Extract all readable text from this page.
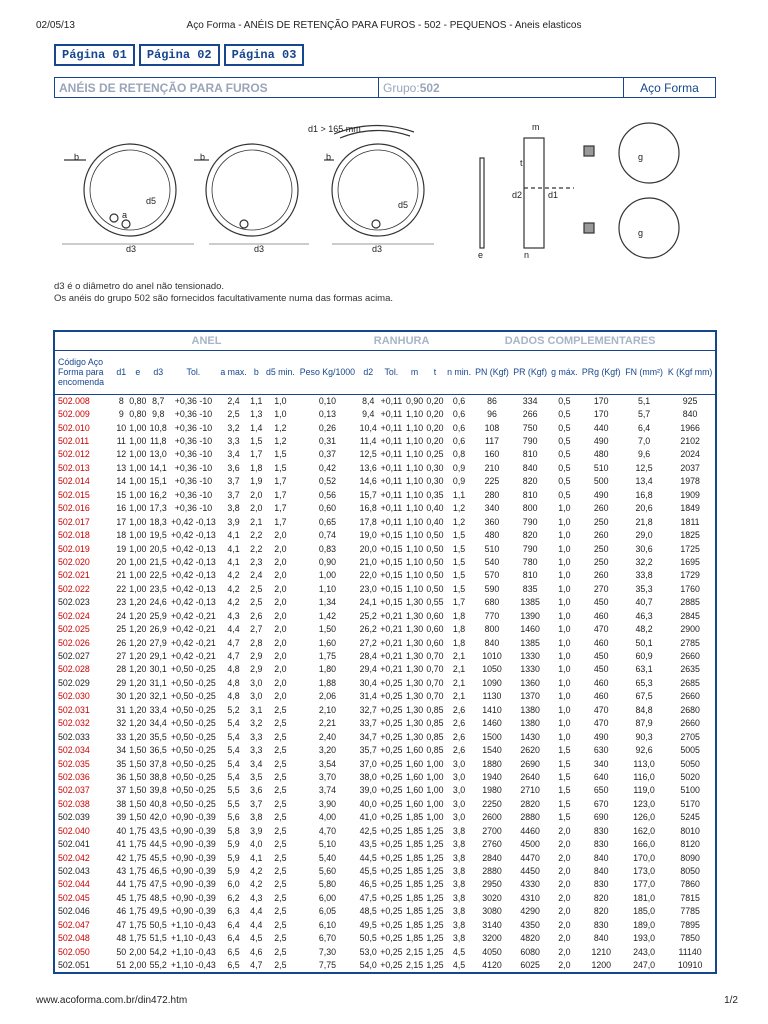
02/05/13	Aço Forma - ANÉIS DE RETENÇÃO PARA FUROS - 502 - PEQUENOS - Aneis elasticos
Página 01	Página 02	Página 03
ANÉIS DE RETENÇÃO PARA FUROS	Grupo: 502	Aço Forma
d1 > 165 mm
b	b	b
d3	d3	d3
d5	d5
a
m
t
d2	d1
e	n
g
g
d3 é o diâmetro do anel não tensionado.
Os anéis do grupo 502 são fornecidos facultativamente numa das formas acima.
ANEL									RANHURA				DADOS COMPLEMENTARES						
Código Aço Forma para encomenda	d1	e	d3	Tol.	a max.	b	d5 min.	Peso Kg/1000	d2	Tol.	m	t	n min.	PN (Kgf)	PR (Kgf)	g máx.	PRg (Kgf)	FN (mm²)	K (Kgf mm)
502.008	8	0,80	8,7	+0,36 -10	2,4	1,1	1,0	0,10	8,4	+0,11	0,90	0,20	0,6	86	334	0,5	170	5,1	925
502.009	9	0,80	9,8	+0,36 -10	2,5	1,3	1,0	0,13	9,4	+0,11	1,10	0,20	0,6	96	266	0,5	170	5,7	840
502.010	10	1,00	10,8	+0,36 -10	3,2	1,4	1,2	0,26	10,4	+0,11	1,10	0,20	0,6	108	750	0,5	440	6,4	1966
502.011	11	1,00	11,8	+0,36 -10	3,3	1,5	1,2	0,31	11,4	+0,11	1,10	0,20	0,6	117	790	0,5	490	7,0	2102
502.012	12	1,00	13,0	+0,36 -10	3,4	1,7	1,5	0,37	12,5	+0,11	1,10	0,25	0,8	160	810	0,5	480	9,6	2024
502.013	13	1,00	14,1	+0,36 -10	3,6	1,8	1,5	0,42	13,6	+0,11	1,10	0,30	0,9	210	840	0,5	510	12,5	2037
502.014	14	1,00	15,1	+0,36 -10	3,7	1,9	1,7	0,52	14,6	+0,11	1,10	0,30	0,9	225	820	0,5	500	13,4	1978
502.015	15	1,00	16,2	+0,36 -10	3,7	2,0	1,7	0,56	15,7	+0,11	1,10	0,35	1,1	280	810	0,5	490	16,8	1909
502.016	16	1,00	17,3	+0,36 -10	3,8	2,0	1,7	0,60	16,8	+0,11	1,10	0,40	1,2	340	800	1,0	260	20,6	1849
502.017	17	1,00	18,3	+0,42 -0,13	3,9	2,1	1,7	0,65	17,8	+0,11	1,10	0,40	1,2	360	790	1,0	250	21,8	1811
502.018	18	1,00	19,5	+0,42 -0,13	4,1	2,2	2,0	0,74	19,0	+0,15	1,10	0,50	1,5	480	820	1,0	260	29,0	1825
502.019	19	1,00	20,5	+0,42 -0,13	4,1	2,2	2,0	0,83	20,0	+0,15	1,10	0,50	1,5	510	790	1,0	250	30,6	1725
502.020	20	1,00	21,5	+0,42 -0,13	4,1	2,3	2,0	0,90	21,0	+0,15	1,10	0,50	1,5	540	780	1,0	250	32,2	1695
502.021	21	1,00	22,5	+0,42 -0,13	4,2	2,4	2,0	1,00	22,0	+0,15	1,10	0,50	1,5	570	810	1,0	260	33,8	1729
502.022	22	1,00	23,5	+0,42 -0,13	4,2	2,5	2,0	1,10	23,0	+0,15	1,10	0,50	1,5	590	835	1,0	270	35,3	1760
502.023	23	1,20	24,6	+0,42 -0,13	4,2	2,5	2,0	1,34	24,1	+0,15	1,30	0,55	1,7	680	1385	1,0	450	40,7	2885
502.024	24	1,20	25,9	+0,42 -0,21	4,3	2,6	2,0	1,42	25,2	+0,21	1,30	0,60	1,8	770	1390	1,0	460	46,3	2845
502.025	25	1,20	26,9	+0,42 -0,21	4,4	2,7	2,0	1,50	26,2	+0,21	1,30	0,60	1,8	800	1460	1,0	470	48,2	2900
502.026	26	1,20	27,9	+0,42 -0,21	4,7	2,8	2,0	1,60	27,2	+0,21	1,30	0,60	1,8	840	1385	1,0	460	50,1	2785
502.027	27	1,20	29,1	+0,42 -0,21	4,7	2,9	2,0	1,75	28,4	+0,21	1,30	0,70	2,1	1010	1330	1,0	450	60,9	2660
502.028	28	1,20	30,1	+0,50 -0,25	4,8	2,9	2,0	1,80	29,4	+0,21	1,30	0,70	2,1	1050	1330	1,0	450	63,1	2635
502.029	29	1,20	31,1	+0,50 -0,25	4,8	3,0	2,0	1,88	30,4	+0,25	1,30	0,70	2,1	1090	1360	1,0	460	65,3	2685
502.030	30	1,20	32,1	+0,50 -0,25	4,8	3,0	2,0	2,06	31,4	+0,25	1,30	0,70	2,1	1130	1370	1,0	460	67,5	2660
502.031	31	1,20	33,4	+0,50 -0,25	5,2	3,1	2,5	2,10	32,7	+0,25	1,30	0,85	2,6	1410	1380	1,0	470	84,8	2680
502.032	32	1,20	34,4	+0,50 -0,25	5,4	3,2	2,5	2,21	33,7	+0,25	1,30	0,85	2,6	1460	1380	1,0	470	87,9	2660
502.033	33	1,20	35,5	+0,50 -0,25	5,4	3,3	2,5	2,40	34,7	+0,25	1,30	0,85	2,6	1500	1430	1,0	490	90,3	2705
502.034	34	1,50	36,5	+0,50 -0,25	5,4	3,3	2,5	3,20	35,7	+0,25	1,60	0,85	2,6	1540	2620	1,5	630	92,6	5005
502.035	35	1,50	37,8	+0,50 -0,25	5,4	3,4	2,5	3,54	37,0	+0,25	1,60	1,00	3,0	1880	2690	1,5	340	113,0	5050
502.036	36	1,50	38,8	+0,50 -0,25	5,4	3,5	2,5	3,70	38,0	+0,25	1,60	1,00	3,0	1940	2640	1,5	640	116,0	5020
502.037	37	1,50	39,8	+0,50 -0,25	5,5	3,6	2,5	3,74	39,0	+0,25	1,60	1,00	3,0	1980	2710	1,5	650	119,0	5100
502.038	38	1,50	40,8	+0,50 -0,25	5,5	3,7	2,5	3,90	40,0	+0,25	1,60	1,00	3,0	2250	2820	1,5	670	123,0	5170
502.039	39	1,50	42,0	+0,90 -0,39	5,6	3,8	2,5	4,00	41,0	+0,25	1,85	1,00	3,0	2600	2880	1,5	690	126,0	5245
502.040	40	1,75	43,5	+0,90 -0,39	5,8	3,9	2,5	4,70	42,5	+0,25	1,85	1,25	3,8	2700	4460	2,0	830	162,0	8010
502.041	41	1,75	44,5	+0,90 -0,39	5,9	4,0	2,5	5,10	43,5	+0,25	1,85	1,25	3,8	2760	4500	2,0	830	166,0	8120
502.042	42	1,75	45,5	+0,90 -0,39	5,9	4,1	2,5	5,40	44,5	+0,25	1,85	1,25	3,8	2840	4470	2,0	840	170,0	8090
502.043	43	1,75	46,5	+0,90 -0,39	5,9	4,2	2,5	5,60	45,5	+0,25	1,85	1,25	3,8	2880	4450	2,0	840	173,0	8050
502.044	44	1,75	47,5	+0,90 -0,39	6,0	4,2	2,5	5,80	46,5	+0,25	1,85	1,25	3,8	2950	4330	2,0	830	177,0	7860
502.045	45	1,75	48,5	+0,90 -0,39	6,2	4,3	2,5	6,00	47,5	+0,25	1,85	1,25	3,8	3020	4310	2,0	820	181,0	7815
502.046	46	1,75	49,5	+0,90 -0,39	6,3	4,4	2,5	6,05	48,5	+0,25	1,85	1,25	3,8	3080	4290	2,0	820	185,0	7785
502.047	47	1,75	50,5	+1,10 -0,43	6,4	4,4	2,5	6,10	49,5	+0,25	1,85	1,25	3,8	3140	4350	2,0	830	189,0	7895
502.048	48	1,75	51,5	+1,10 -0,43	6,4	4,5	2,5	6,70	50,5	+0,25	1,85	1,25	3,8	3200	4820	2,0	840	193,0	7850
502.050	50	2,00	54,2	+1,10 -0,43	6,5	4,6	2,5	7,30	53,0	+0,25	2,15	1,25	4,5	4050	6080	2,0	1210	243,0	11140
502.051	51	2,00	55,2	+1,10 -0,43	6,5	4,7	2,5	7,75	54,0	+0,25	2,15	1,25	4,5	4120	6025	2,0	1200	247,0	10910
www.acoforma.com.br/din472.htm	1/2
